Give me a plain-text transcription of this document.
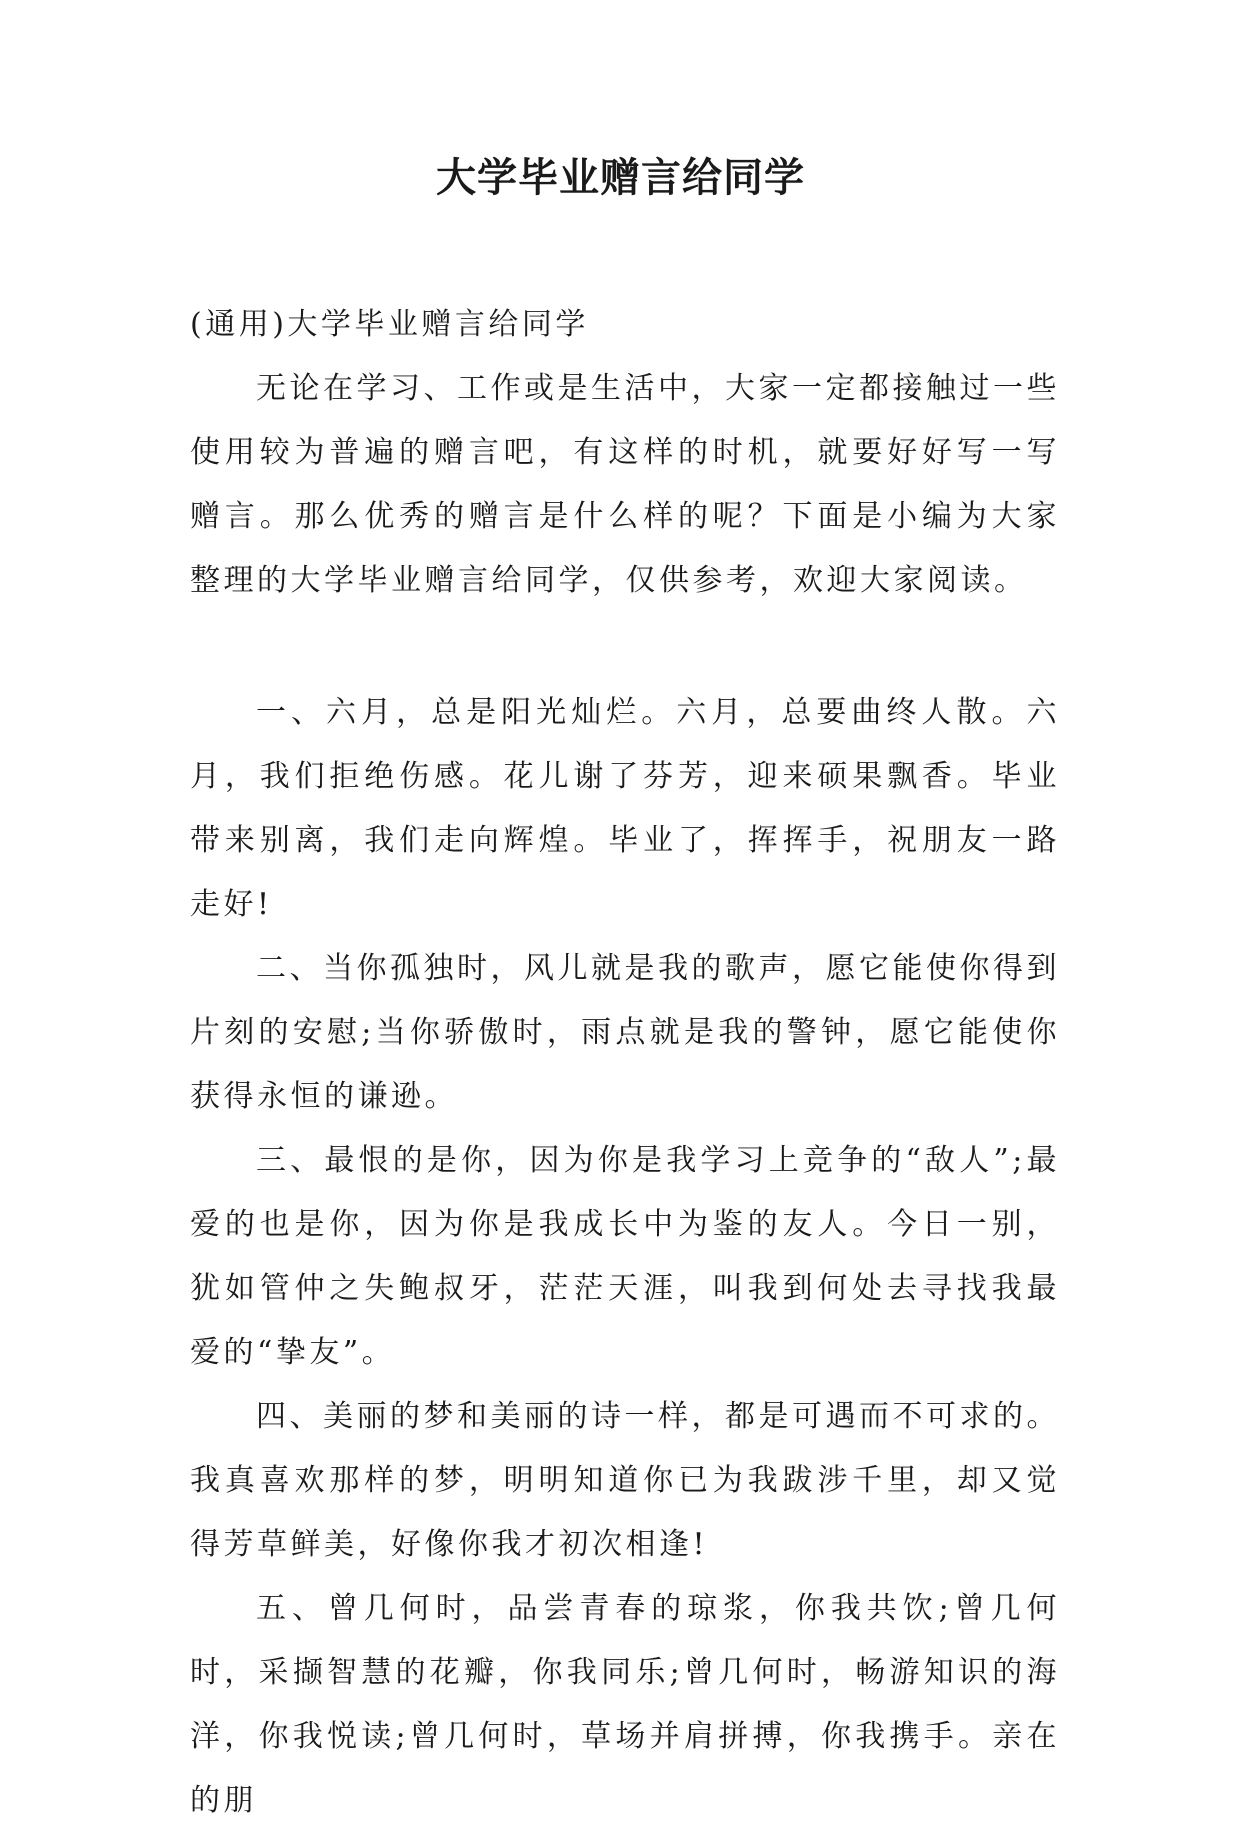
大学毕业赠言给同学

(通用)大学毕业赠言给同学

无论在学习、工作或是生活中，大家一定都接触过一些使用较为普遍的赠言吧，有这样的时机，就要好好写一写赠言。那么优秀的赠言是什么样的呢？下面是小编为大家整理的大学毕业赠言给同学，仅供参考，欢迎大家阅读。

一、六月，总是阳光灿烂。六月，总要曲终人散。六月，我们拒绝伤感。花儿谢了芬芳，迎来硕果飘香。毕业带来别离，我们走向辉煌。毕业了，挥挥手，祝朋友一路走好!

二、当你孤独时，风儿就是我的歌声，愿它能使你得到片刻的安慰;当你骄傲时，雨点就是我的警钟，愿它能使你获得永恒的谦逊。

三、最恨的是你，因为你是我学习上竞争的“敌人”;最爱的也是你，因为你是我成长中为鉴的友人。今日一别，犹如管仲之失鲍叔牙，茫茫天涯，叫我到何处去寻找我最爱的“挚友”。

四、美丽的梦和美丽的诗一样，都是可遇而不可求的。我真喜欢那样的梦，明明知道你已为我跋涉千里，却又觉得芳草鲜美，好像你我才初次相逢!

五、曾几何时，品尝青春的琼浆，你我共饮;曾几何时，采撷智慧的花瓣，你我同乐;曾几何时，畅游知识的海洋，你我悦读;曾几何时，草场并肩拼搏，你我携手。亲在的朋
